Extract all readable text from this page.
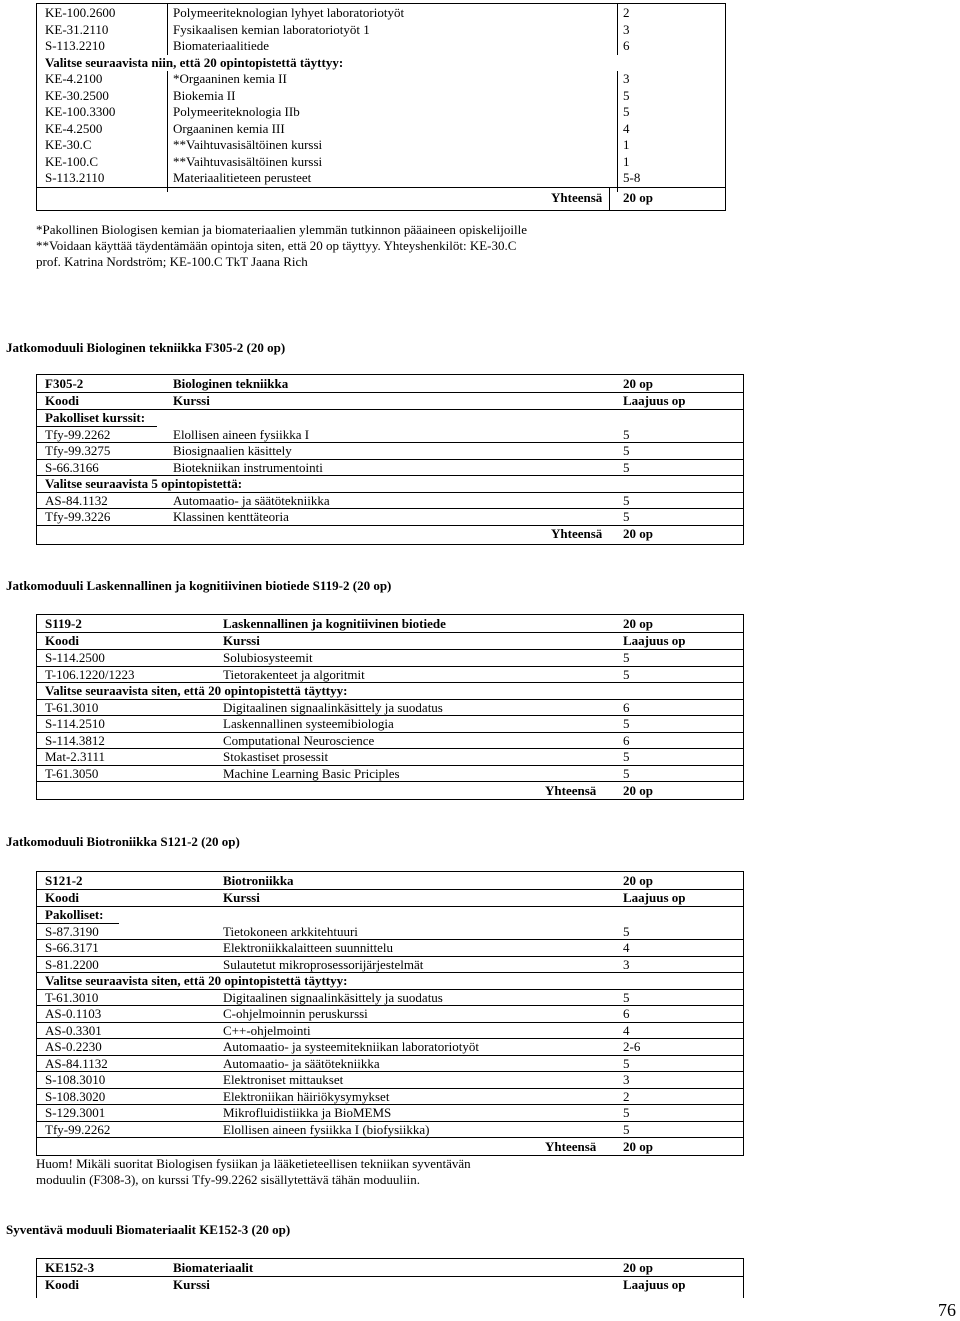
KE-100.2600	Polymeeriteknologian lyhyet laboratoriotyöt	2
KE-31.2110	Fysikaalisen kemian laboratoriotyöt 1	3
S-113.2210	Biomateriaalitiede	6
Valitse seuraavista niin, että 20 opintopistettä täyttyy:
KE-4.2100	*Orgaaninen kemia II	3
KE-30.2500	Biokemia II	5
KE-100.3300	Polymeeriteknologia IIb	5
KE-4.2500	Orgaaninen kemia III	4
KE-30.C	**Vaihtuvasisältöinen kurssi	1
KE-100.C	**Vaihtuvasisältöinen kurssi	1
S-113.2110	Materiaalitieteen perusteet	5-8
Yhteensä 20 op
*Pakollinen Biologisen kemian ja biomateriaalien ylemmän tutkinnon pääaineen opiskelijoille
**Voidaan käyttää täydentämään opintoja siten, että 20 op täyttyy. Yhteyshenkilöt: KE-30.C
prof. Katrina Nordström; KE-100.C TkT Jaana Rich
Jatkomoduuli Biologinen tekniikka F305-2 (20 op)
F305-2	Biologinen tekniikka	20 op
Koodi	Kurssi	Laajuus op
Pakolliset kurssit:
Tfy-99.2262	Elollisen aineen fysiikka I	5
Tfy-99.3275	Biosignaalien käsittely	5
S-66.3166	Biotekniikan instrumentointi	5
Valitse seuraavista 5 opintopistettä:
AS-84.1132	Automaatio- ja säätötekniikka	5
Tfy-99.3226	Klassinen kenttäteoria	5
Yhteensä 20 op
Jatkomoduuli Laskennallinen ja kognitiivinen biotiede S119-2 (20 op)
S119-2	Laskennallinen ja kognitiivinen biotiede	20 op
Koodi	Kurssi	Laajuus op
S-114.2500	Solubiosysteemit	5
T-106.1220/1223	Tietorakenteet ja algoritmit	5
Valitse seuraavista siten, että 20 opintopistettä täyttyy:
T-61.3010	Digitaalinen signaalinkäsittely ja suodatus	6
S-114.2510	Laskennallinen systeemibiologia	5
S-114.3812	Computational Neuroscience	6
Mat-2.3111	Stokastiset prosessit	5
T-61.3050	Machine Learning Basic Priciples	5
Yhteensä 20 op
Jatkomoduuli Biotroniikka S121-2 (20 op)
S121-2	Biotroniikka	20 op
Koodi	Kurssi	Laajuus op
Pakolliset:
S-87.3190	Tietokoneen arkkitehtuuri	5
S-66.3171	Elektroniikkalaitteen suunnittelu	4
S-81.2200	Sulautetut mikroprosessorijärjestelmät	3
Valitse seuraavista siten, että 20 opintopistettä täyttyy:
T-61.3010	Digitaalinen signaalinkäsittely ja suodatus	5
AS-0.1103	C-ohjelmoinnin peruskurssi	6
AS-0.3301	C++-ohjelmointi	4
AS-0.2230	Automaatio- ja systeemitekniikan laboratoriotyöt	2-6
AS-84.1132	Automaatio- ja säätötekniikka	5
S-108.3010	Elektroniset mittaukset	3
S-108.3020	Elektroniikan häiriökysymykset	2
S-129.3001	Mikrofluidistiikka ja BioMEMS	5
Tfy-99.2262	Elollisen aineen fysiikka I (biofysiikka)	5
Yhteensä 20 op
Huom! Mikäli suoritat Biologisen fysiikan ja lääketieteellisen tekniikan syventävän
moduulin (F308-3), on kurssi Tfy-99.2262 sisällytettävä tähän moduuliin.
Syventävä moduuli Biomateriaalit KE152-3 (20 op)
KE152-3	Biomateriaalit	20 op
Koodi	Kurssi	Laajuus op
76
